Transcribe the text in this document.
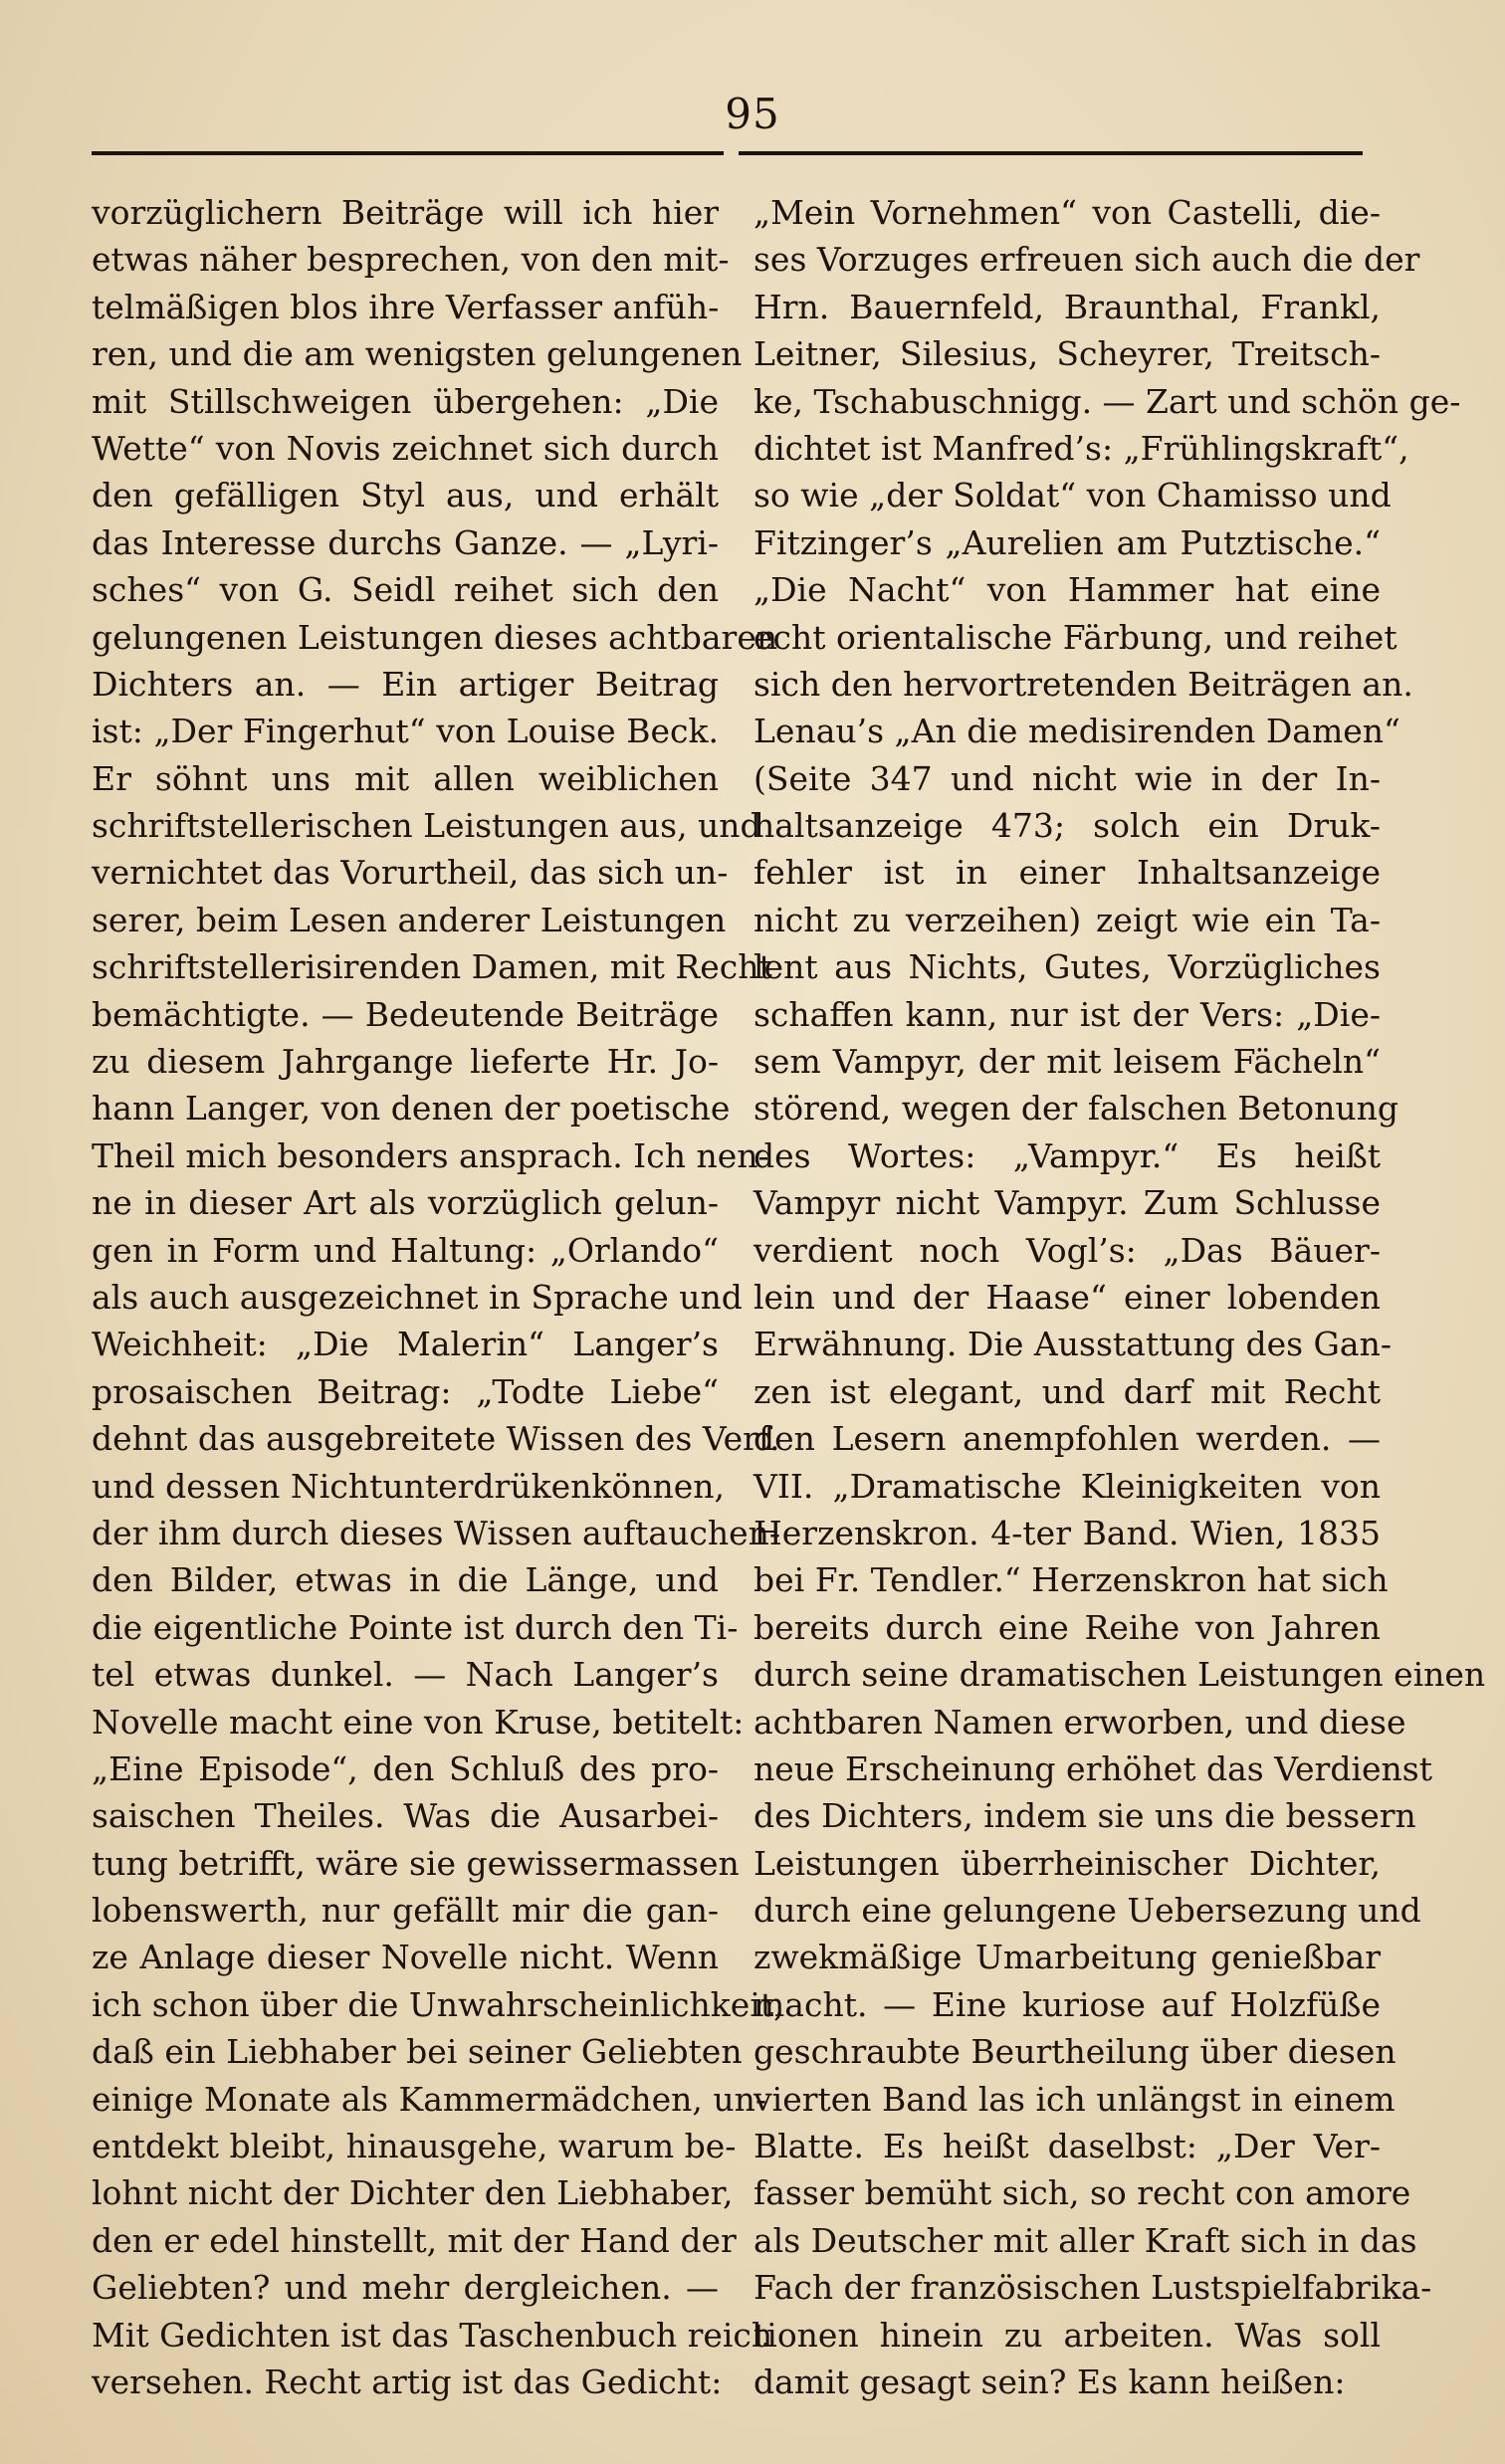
95
vorzüglichern Beiträge will ich hier
etwas näher besprechen, von den mit-
telmäßigen blos ihre Verfasser anfüh-
ren, und die am wenigsten gelungenen
mit Stillschweigen übergehen: „Die
Wette“ von Novis zeichnet sich durch
den gefälligen Styl aus, und erhält
das Interesse durchs Ganze. — „Lyri-
sches“ von G. Seidl reihet sich den
gelungenen Leistungen dieses achtbaren
Dichters an. — Ein artiger Beitrag
ist: „Der Fingerhut“ von Louise Beck.
Er söhnt uns mit allen weiblichen
schriftstellerischen Leistungen aus, und
vernichtet das Vorurtheil, das sich un-
serer, beim Lesen anderer Leistungen
schriftstellerisirenden Damen, mit Recht
bemächtigte. — Bedeutende Beiträge
zu diesem Jahrgange lieferte Hr. Jo-
hann Langer, von denen der poetische
Theil mich besonders ansprach. Ich nen-
ne in dieser Art als vorzüglich gelun-
gen in Form und Haltung: „Orlando“
als auch ausgezeichnet in Sprache und
Weichheit: „Die Malerin“ Langer’s
prosaischen Beitrag: „Todte Liebe“
dehnt das ausgebreitete Wissen des Verf.
und dessen Nichtunterdrükenkönnen,
der ihm durch dieses Wissen auftauchen-
den Bilder, etwas in die Länge, und
die eigentliche Pointe ist durch den Ti-
tel etwas dunkel. — Nach Langer’s
Novelle macht eine von Kruse, betitelt:
„Eine Episode“, den Schluß des pro-
saischen Theiles. Was die Ausarbei-
tung betrifft, wäre sie gewissermassen
lobenswerth, nur gefällt mir die gan-
ze Anlage dieser Novelle nicht. Wenn
ich schon über die Unwahrscheinlichkeit,
daß ein Liebhaber bei seiner Geliebten
einige Monate als Kammermädchen, un-
entdekt bleibt, hinausgehe, warum be-
lohnt nicht der Dichter den Liebhaber,
den er edel hinstellt, mit der Hand der
Geliebten? und mehr dergleichen. —
Mit Gedichten ist das Taschenbuch reich
versehen. Recht artig ist das Gedicht:
„Mein Vornehmen“ von Castelli, die-
ses Vorzuges erfreuen sich auch die der
Hrn. Bauernfeld, Braunthal, Frankl,
Leitner, Silesius, Scheyrer, Treitsch-
ke, Tschabuschnigg. — Zart und schön ge-
dichtet ist Manfred’s: „Frühlingskraft“,
so wie „der Soldat“ von Chamisso und
Fitzinger’s „Aurelien am Putztische.“
„Die Nacht“ von Hammer hat eine
echt orientalische Färbung, und reihet
sich den hervortretenden Beiträgen an.
Lenau’s „An die medisirenden Damen“
(Seite 347 und nicht wie in der In-
haltsanzeige 473; solch ein Druk-
fehler ist in einer Inhaltsanzeige
nicht zu verzeihen) zeigt wie ein Ta-
lent aus Nichts, Gutes, Vorzügliches
schaffen kann, nur ist der Vers: „Die-
sem Vampyr, der mit leisem Fächeln“
störend, wegen der falschen Betonung
des Wortes: „Vampyr.“ Es heißt
Vampyr nicht Vampyr. Zum Schlusse
verdient noch Vogl’s: „Das Bäuer-
lein und der Haase“ einer lobenden
Erwähnung. Die Ausstattung des Gan-
zen ist elegant, und darf mit Recht
den Lesern anempfohlen werden. —
VII. „Dramatische Kleinigkeiten von
Herzenskron. 4-ter Band. Wien, 1835
bei Fr. Tendler.“ Herzenskron hat sich
bereits durch eine Reihe von Jahren
durch seine dramatischen Leistungen einen
achtbaren Namen erworben, und diese
neue Erscheinung erhöhet das Verdienst
des Dichters, indem sie uns die bessern
Leistungen überrheinischer Dichter,
durch eine gelungene Uebersezung und
zwekmäßige Umarbeitung genießbar
macht. — Eine kuriose auf Holzfüße
geschraubte Beurtheilung über diesen
vierten Band las ich unlängst in einem
Blatte. Es heißt daselbst: „Der Ver-
fasser bemüht sich, so recht con amore
als Deutscher mit aller Kraft sich in das
Fach der französischen Lustspielfabrika-
tionen hinein zu arbeiten. Was soll
damit gesagt sein? Es kann heißen:
